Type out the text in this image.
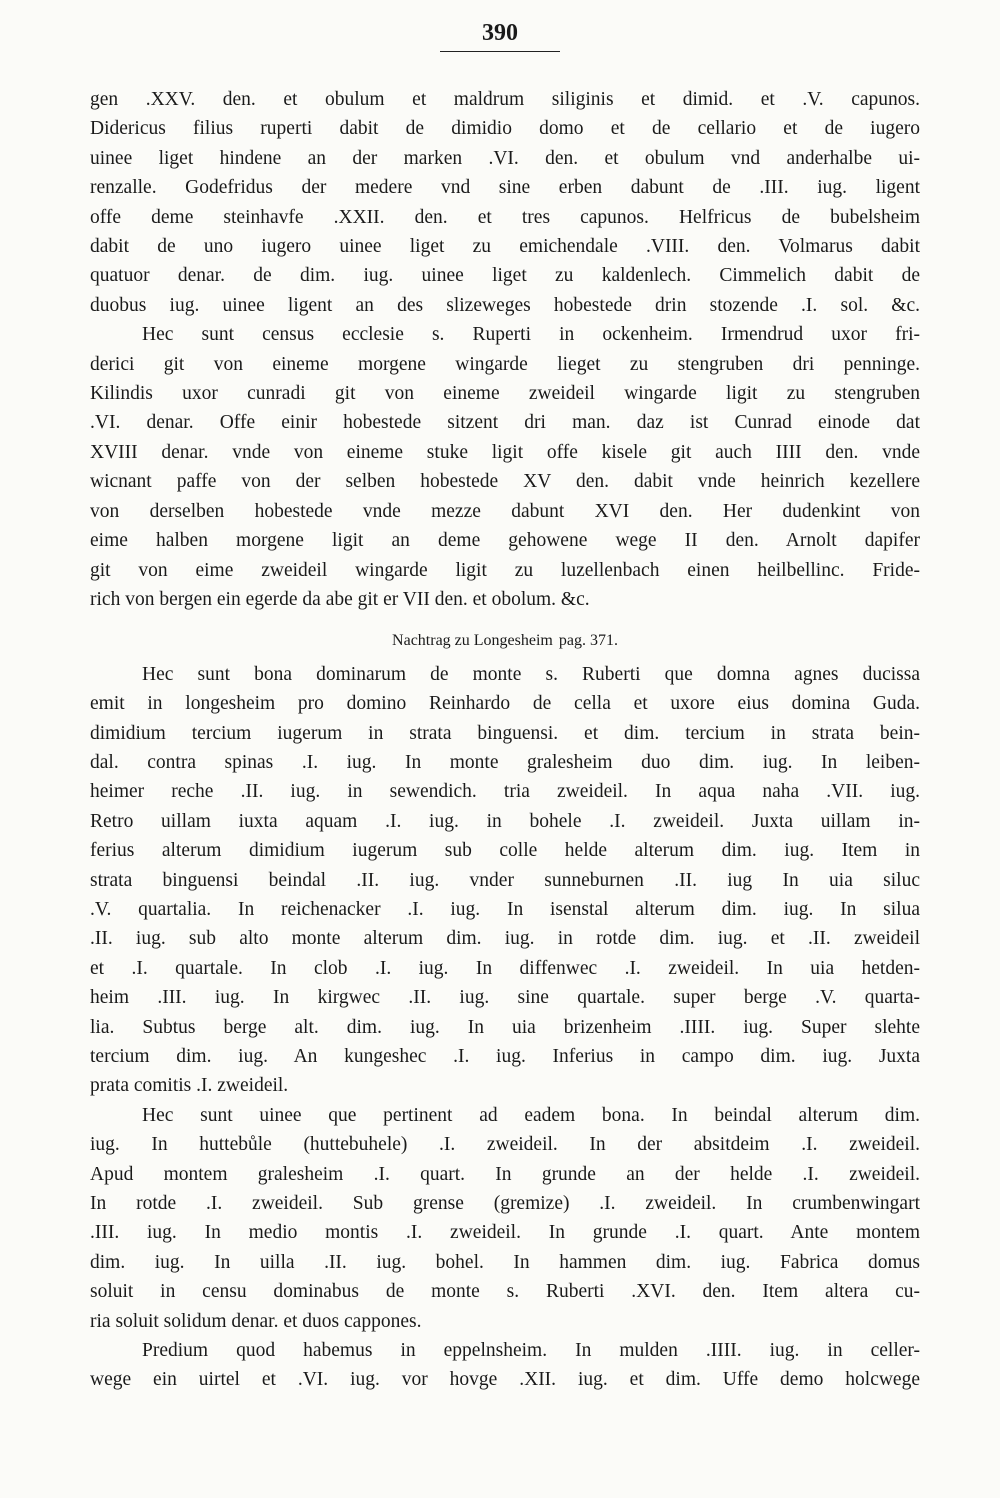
390
gen .XXV. den. et obulum et maldrum siliginis et dimid. et .V. capunos.
Didericus filius ruperti dabit de dimidio domo et de cellario et de iugero
uinee liget hindene an der marken .VI. den. et obulum vnd anderhalbe ui-
renzalle. Godefridus der medere vnd sine erben dabunt de .III. iug. ligent
offe deme steinhavfe .XXII. den. et tres capunos. Helfricus de bubelsheim
dabit de uno iugero uinee liget zu emichendale .VIII. den. Volmarus dabit
quatuor denar. de dim. iug. uinee liget zu kaldenlech. Cimmelich dabit de
duobus iug. uinee ligent an des slizeweges hobestede drin stozende .I. sol. &c.
Hec sunt census ecclesie s. Ruperti in ockenheim. Irmendrud uxor fri-
derici git von eineme morgene wingarde lieget zu stengruben dri penninge.
Kilindis uxor cunradi git von eineme zweideil wingarde ligit zu stengruben
.VI. denar. Offe einir hobestede sitzent dri man. daz ist Cunrad einode dat
XVIII denar. vnde von eineme stuke ligit offe kisele git auch IIII den. vnde
wicnant paffe von der selben hobestede XV den. dabit vnde heinrich kezellere
von derselben hobestede vnde mezze dabunt XVI den. Her dudenkint von
eime halben morgene ligit an deme gehowene wege II den. Arnolt dapifer
git von eime zweideil wingarde ligit zu luzellenbach einen heilbellinc. Fride-
rich von bergen ein egerde da abe git er VII den. et obolum. &c.
Nachtrag zu Longesheim pag. 371.
Hec sunt bona dominarum de monte s. Ruberti que domna agnes ducissa
emit in longesheim pro domino Reinhardo de cella et uxore eius domina Guda.
dimidium tercium iugerum in strata binguensi. et dim. tercium in strata bein-
dal. contra spinas .I. iug. In monte gralesheim duo dim. iug. In leiben-
heimer reche .II. iug. in sewendich. tria zweideil. In aqua naha .VII. iug.
Retro uillam iuxta aquam .I. iug. in bohele .I. zweideil. Juxta uillam in-
ferius alterum dimidium iugerum sub colle helde alterum dim. iug. Item in
strata binguensi beindal .II. iug. vnder sunneburnen .II. iug In uia siluc
.V. quartalia. In reichenacker .I. iug. In isenstal alterum dim. iug. In silua
.II. iug. sub alto monte alterum dim. iug. in rotde dim. iug. et .II. zweideil
et .I. quartale. In clob .I. iug. In diffenwec .I. zweideil. In uia hetden-
heim .III. iug. In kirgwec .II. iug. sine quartale. super berge .V. quarta-
lia. Subtus berge alt. dim. iug. In uia brizenheim .IIII. iug. Super slehte
tercium dim. iug. An kungeshec .I. iug. Inferius in campo dim. iug. Juxta
prata comitis .I. zweideil.
Hec sunt uinee que pertinent ad eadem bona. In beindal alterum dim.
iug. In huttebůle (huttebuhele) .I. zweideil. In der absitdeim .I. zweideil.
Apud montem gralesheim .I. quart. In grunde an der helde .I. zweideil.
In rotde .I. zweideil. Sub grense (gremize) .I. zweideil. In crumbenwingart
.III. iug. In medio montis .I. zweideil. In grunde .I. quart. Ante montem
dim. iug. In uilla .II. iug. bohel. In hammen dim. iug. Fabrica domus
soluit in censu dominabus de monte s. Ruberti .XVI. den. Item altera cu-
ria soluit solidum denar. et duos cappones.
Predium quod habemus in eppelnsheim. In mulden .IIII. iug. in celler-
wege ein uirtel et .VI. iug. vor hovge .XII. iug. et dim. Uffe demo holcwege
